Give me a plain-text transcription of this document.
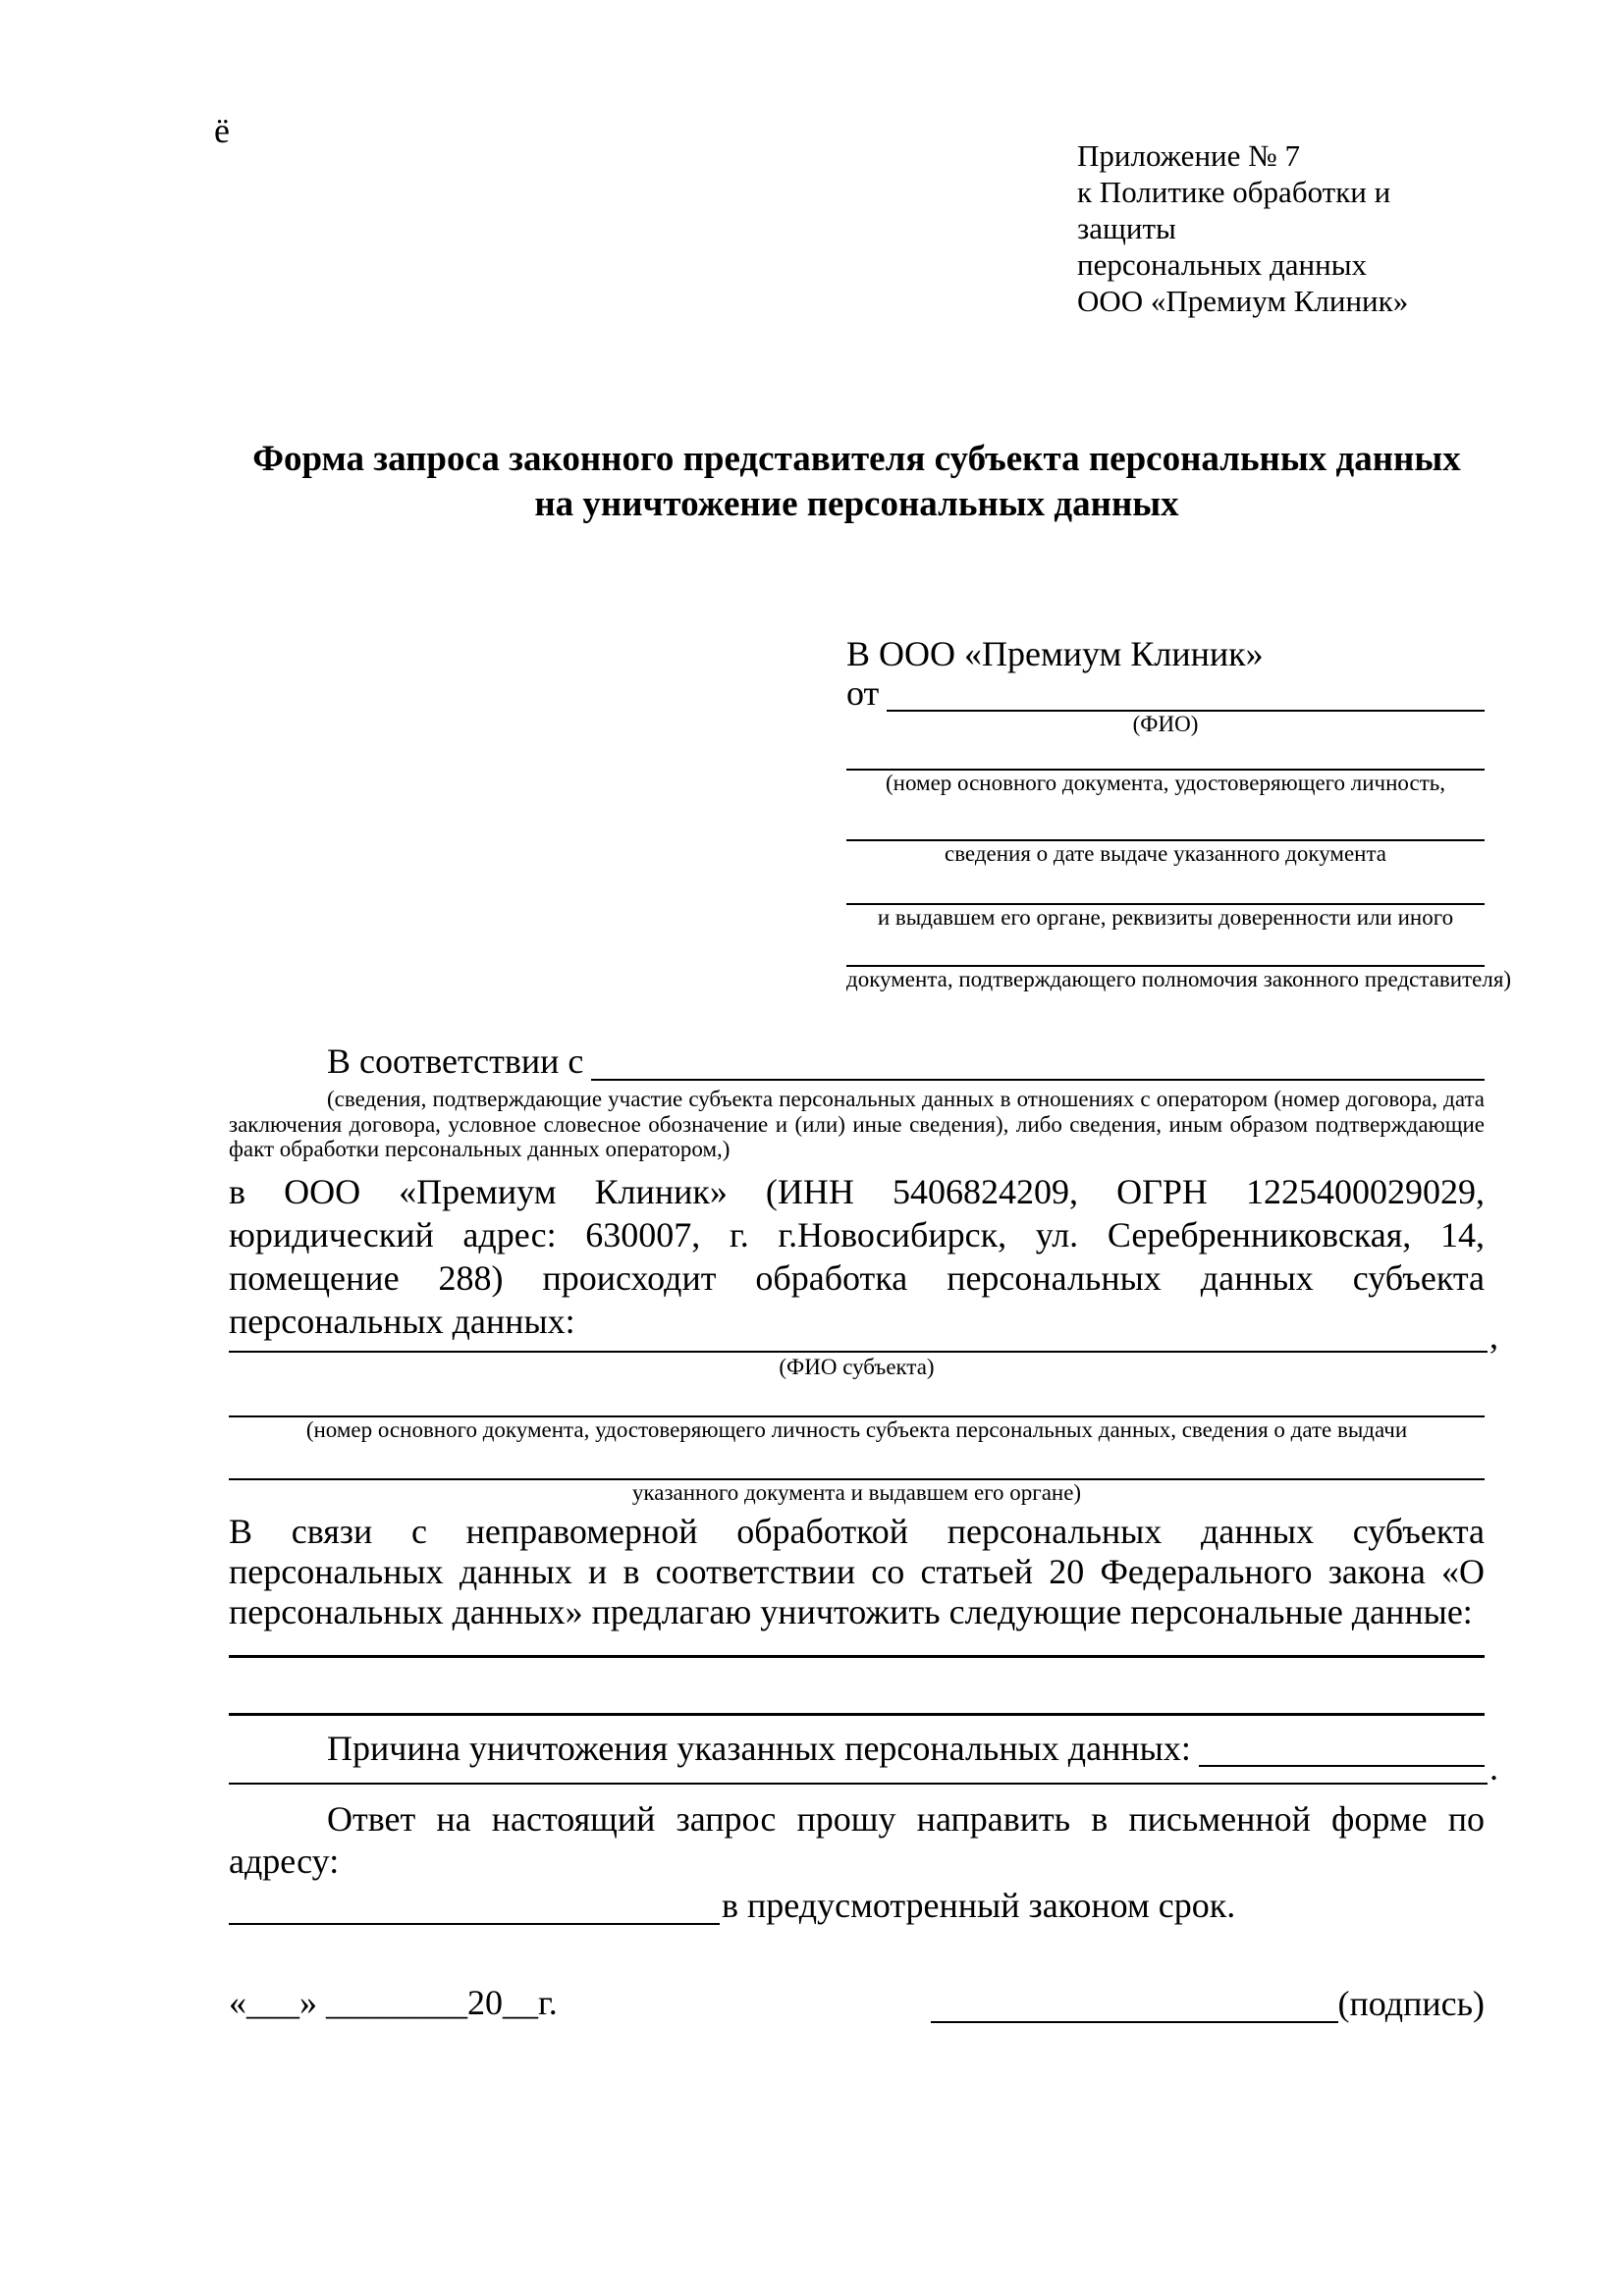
ё
Приложение № 7
к Политике обработки и защиты
персональных данных
ООО «Премиум Клиник»
Форма запроса законного представителя субъекта персональных данных
на уничтожение персональных данных
В ООО «Премиум Клиник»
от
(ФИО)
(номер основного документа, удостоверяющего личность,
сведения о дате выдаче указанного документа
и выдавшем его органе, реквизиты доверенности или иного
документа, подтверждающего полномочия законного представителя)
В соответствии с
(сведения, подтверждающие участие субъекта персональных данных в отношениях с оператором (номер договора, дата заключения договора, условное словесное обозначение и (или) иные сведения), либо сведения, иным образом подтверждающие факт обработки персональных данных оператором,)

в ООО «Премиум Клиник» (ИНН 5406824209, ОГРН 1225400029029, юридический адрес: 630007, г. г.Новосибирск, ул. Серебренниковская, 14, помещение 288) происходит обработка персональных данных субъекта персональных данных:	,
(ФИО субъекта)
(номер основного документа, удостоверяющего личность субъекта персональных данных, сведения о дате выдачи
указанного документа и выдавшем его органе)

В связи с неправомерной обработкой персональных данных субъекта персональных данных и в соответствии со статьей 20 Федерального закона «О персональных данных» предлагаю уничтожить следующие персональные данные:

Причина уничтожения указанных персональных данных:	.

Ответ на настоящий запрос прошу направить в письменной форме по адресу:

в предусмотренный законом срок.
«___» ________20__г.	(подпись)
